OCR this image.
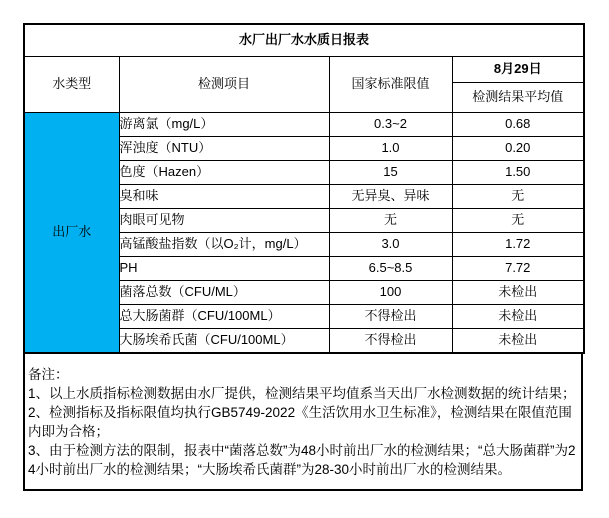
水厂出厂水水质日报表			
水类型	检测项目	国家标准限值	8月29日
			检测结果平均值
出厂水	游离氯（mg/L）	0.3~2	0.68
	浑浊度（NTU）	1.0	0.20
	色度（Hazen）	15	1.50
	臭和味	无异臭、异味	无
	肉眼可见物	无	无
	高锰酸盐指数（以O₂计，mg/L）	3.0	1.72
	PH	6.5~8.5	7.72
	菌落总数（CFU/ML）	100	未检出
	总大肠菌群（CFU/100ML）	不得检出	未检出
	大肠埃希氏菌（CFU/100ML）	不得检出	未检出
备注：
1、以上水质指标检测数据由水厂提供，检测结果平均值系当天出厂水检测数据的统计结果；
2、检测指标及指标限值均执行GB5749-2022《生活饮用水卫生标准》，检测结果在限值范围内即为合格；
3、由于检测方法的限制，报表中“菌落总数”为48小时前出厂水的检测结果；“总大肠菌群”为24小时前出厂水的检测结果；“大肠埃希氏菌群”为28-30小时前出厂水的检测结果。
